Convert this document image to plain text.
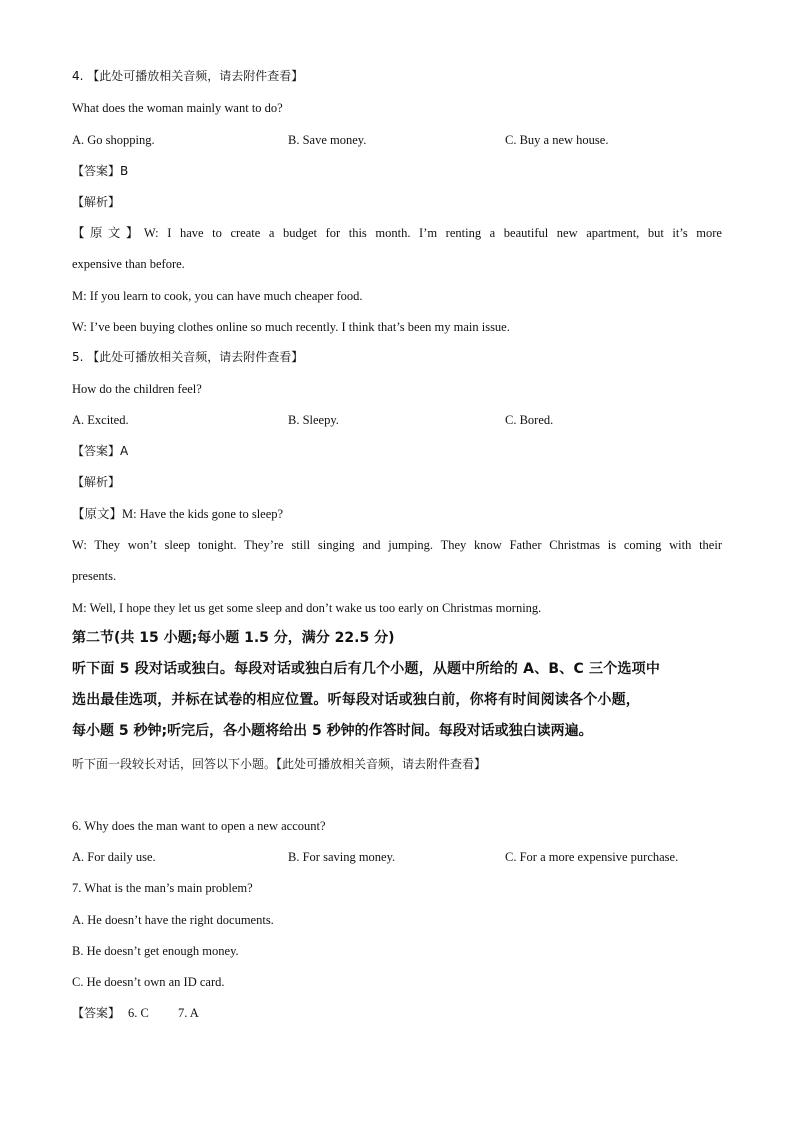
4. 【此处可播放相关音频，请去附件查看】
What does the woman mainly want to do?
A. Go shopping.	B. Save money.	C. Buy a new house.
【答案】B
【解析】
【原文】W: I have to create a budget for this month. I’m renting a beautiful new apartment, but it’s more
expensive than before.
M: If you learn to cook, you can have much cheaper food.
W: I’ve been buying clothes online so much recently. I think that’s been my main issue.
5. 【此处可播放相关音频，请去附件查看】
How do the children feel?
A. Excited.	B. Sleepy.	C. Bored.
【答案】A
【解析】
【原文】M: Have the kids gone to sleep?
W: They won’t sleep tonight. They’re still singing and jumping. They know Father Christmas is coming with their
presents.
M: Well, I hope they let us get some sleep and don’t wake us too early on Christmas morning.
第二节(共 15 小题;每小题 1.5 分，满分 22.5 分)
听下面 5 段对话或独白。每段对话或独白后有几个小题，从题中所给的 A、B、C 三个选项中
选出最佳选项，并标在试卷的相应位置。听每段对话或独白前，你将有时间阅读各个小题，
每小题 5 秒钟;听完后，各小题将给出 5 秒钟的作答时间。每段对话或独白读两遍。
听下面一段较长对话，回答以下小题。【此处可播放相关音频，请去附件查看】
6. Why does the man want to open a new account?
A. For daily use.	B. For saving money.	C. For a more expensive purchase.
7. What is the man’s main problem?
A. He doesn’t have the right documents.
B. He doesn’t get enough money.
C. He doesn’t own an ID card.
【答案】 6. C 7. A
